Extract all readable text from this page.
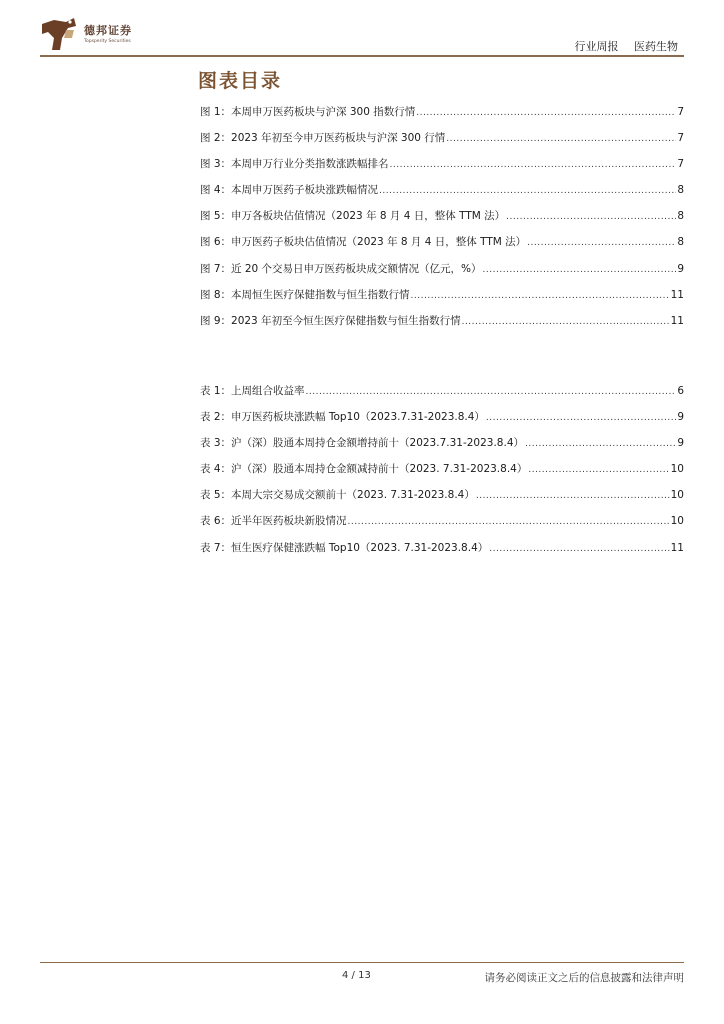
德邦证券
Topsperity Securities	行业周报 医药生物
图表目录
图 1：本周申万医药板块与沪深 300 指数行情 .....	7
图 2：2023 年初至今申万医药板块与沪深 300 行情 .....	7
图 3：本周申万行业分类指数涨跌幅排名 .....	7
图 4：本周申万医药子板块涨跌幅情况 .....	8
图 5：申万各板块估值情况（2023 年 8 月 4 日，整体 TTM 法） .....	8
图 6：申万医药子板块估值情况（2023 年 8 月 4 日，整体 TTM 法） .....	8
图 7：近 20 个交易日申万医药板块成交额情况（亿元，%） .....	9
图 8：本周恒生医疗保健指数与恒生指数行情 .....	11
图 9：2023 年初至今恒生医疗保健指数与恒生指数行情 .....	11
表 1：上周组合收益率 .....	6
表 2：申万医药板块涨跌幅 Top10（2023.7.31-2023.8.4） .....	9
表 3：沪（深）股通本周持仓金额增持前十（2023.7.31-2023.8.4） .....	9
表 4：沪（深）股通本周持仓金额减持前十（2023. 7.31-2023.8.4） .....	10
表 5：本周大宗交易成交额前十（2023. 7.31-2023.8.4） .....	10
表 6：近半年医药板块新股情况 .....	10
表 7：恒生医疗保健涨跌幅 Top10（2023. 7.31-2023.8.4） .....	11
4 / 13	请务必阅读正文之后的信息披露和法律声明
